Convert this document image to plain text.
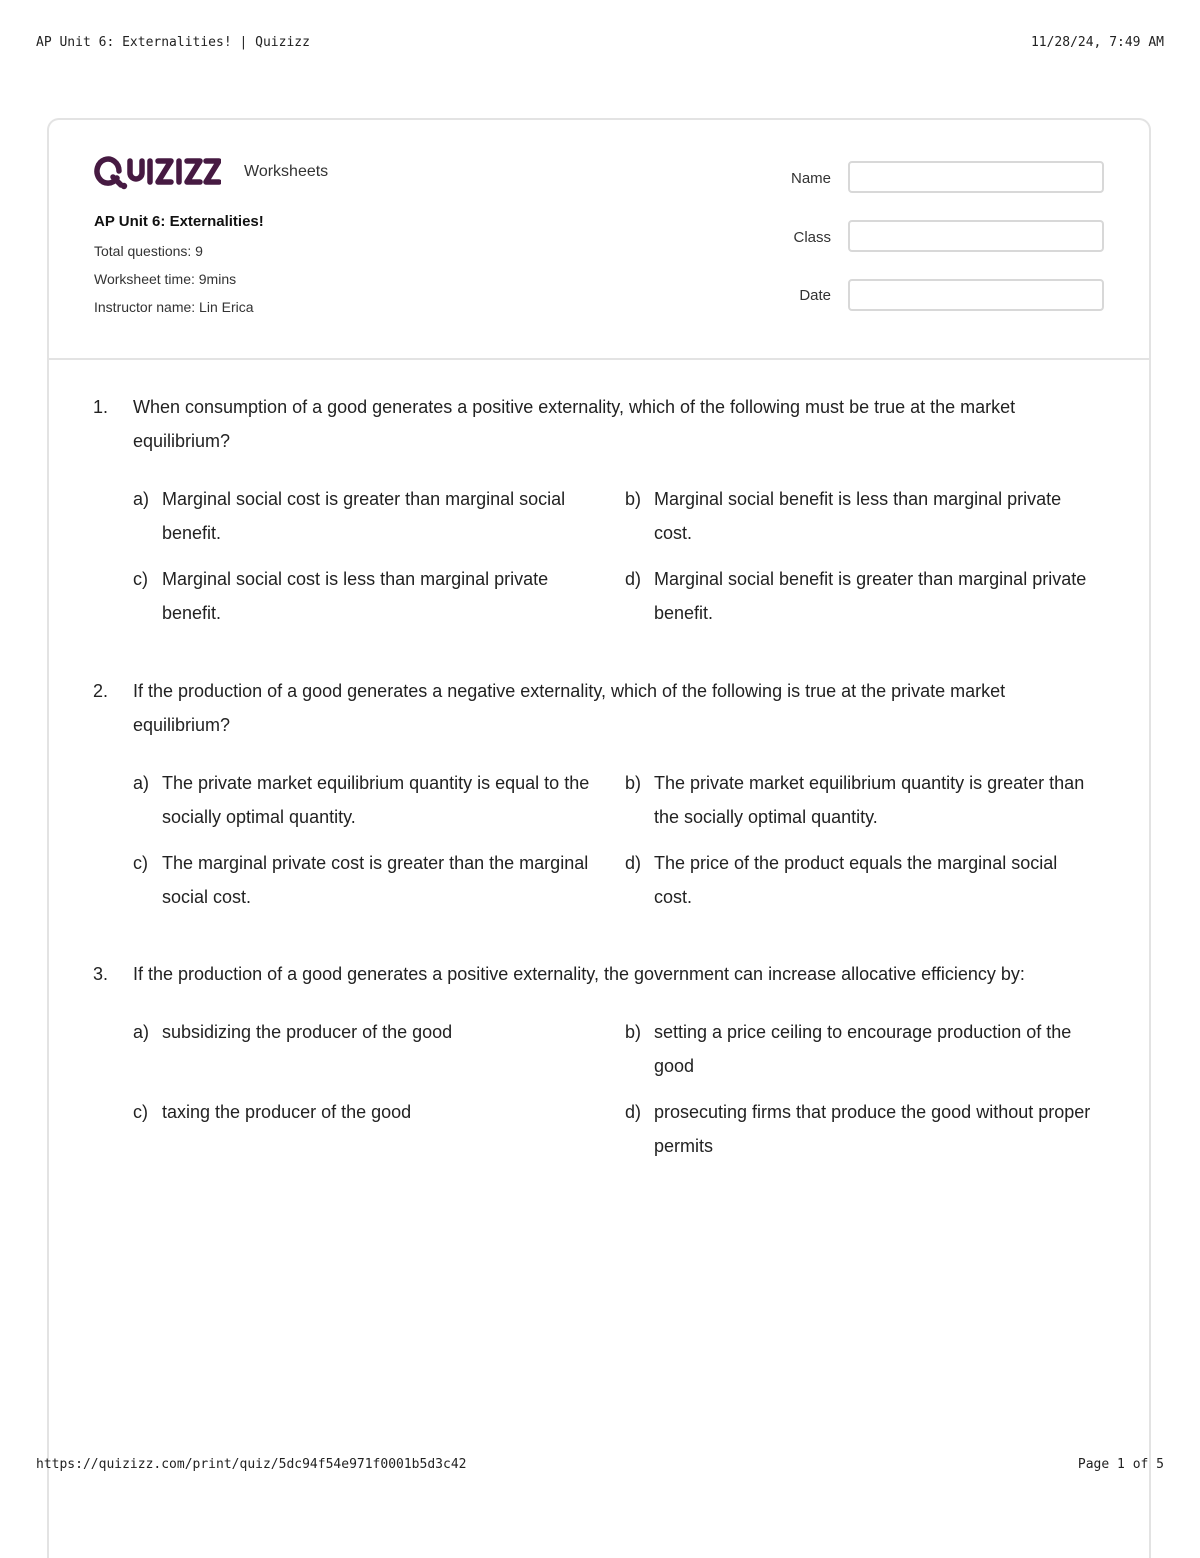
AP Unit 6: Externalities! | Quizizz	11/28/24, 7:49 AM
Worksheets
AP Unit 6: Externalities!
Total questions: 9
Worksheet time: 9mins
Instructor name: Lin Erica
Name
Class
Date
1. When consumption of a good generates a positive externality, which of the following must be true at the market equilibrium?
a) Marginal social cost is greater than marginal social benefit.
b) Marginal social benefit is less than marginal private cost.
c) Marginal social cost is less than marginal private benefit.
d) Marginal social benefit is greater than marginal private benefit.
2. If the production of a good generates a negative externality, which of the following is true at the private market equilibrium?
a) The private market equilibrium quantity is equal to the socially optimal quantity.
b) The private market equilibrium quantity is greater than the socially optimal quantity.
c) The marginal private cost is greater than the marginal social cost.
d) The price of the product equals the marginal social cost.
3. If the production of a good generates a positive externality, the government can increase allocative efficiency by:
a) subsidizing the producer of the good	b) setting a price ceiling to encourage production of the good
c) taxing the producer of the good	d) prosecuting firms that produce the good without proper permits
https://quizizz.com/print/quiz/5dc94f54e971f0001b5d3c42	Page 1 of 5
